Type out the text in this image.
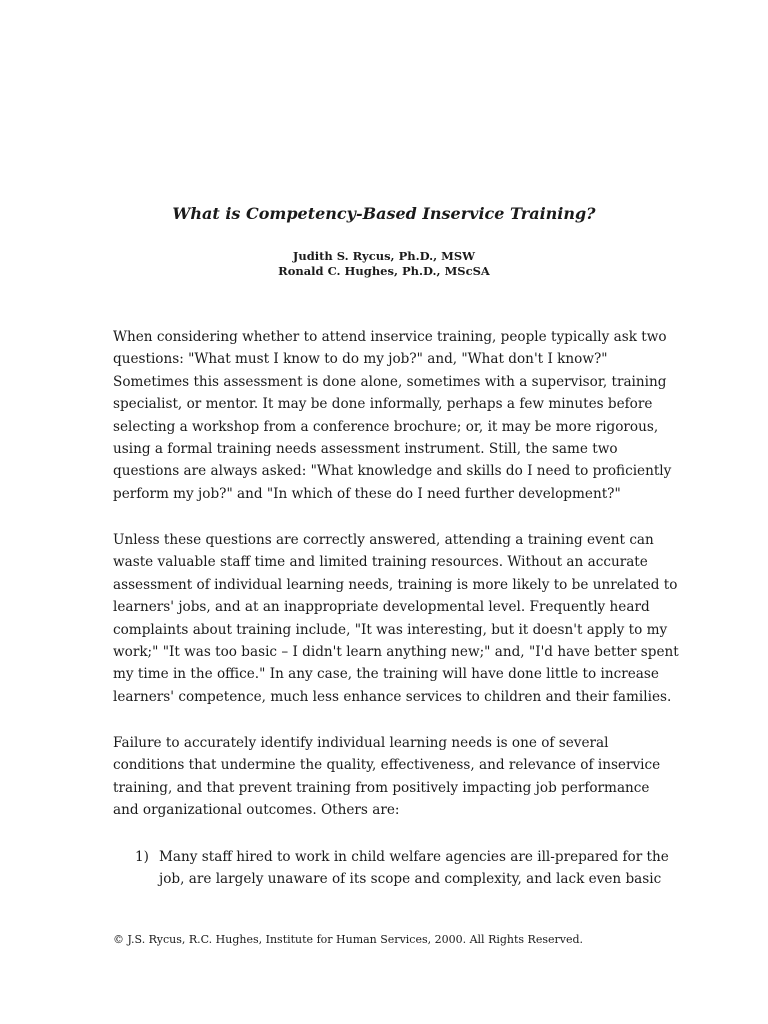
What is Competency-Based Inservice Training?
Judith S. Rycus, Ph.D., MSW
Ronald C. Hughes, Ph.D., MScSA

When considering whether to attend inservice training, people typically ask two
questions: "What must I know to do my job?" and, "What don't I know?"
Sometimes this assessment is done alone, sometimes with a supervisor, training
specialist, or mentor. It may be done informally, perhaps a few minutes before
selecting a workshop from a conference brochure; or, it may be more rigorous,
using a formal training needs assessment instrument. Still, the same two
questions are always asked: "What knowledge and skills do I need to proficiently
perform my job?" and "In which of these do I need further development?"

Unless these questions are correctly answered, attending a training event can
waste valuable staff time and limited training resources. Without an accurate
assessment of individual learning needs, training is more likely to be unrelated to
learners' jobs, and at an inappropriate developmental level. Frequently heard
complaints about training include, "It was interesting, but it doesn't apply to my
work;" "It was too basic – I didn't learn anything new;" and, "I'd have better spent
my time in the office." In any case, the training will have done little to increase
learners' competence, much less enhance services to children and their families.

Failure to accurately identify individual learning needs is one of several
conditions that undermine the quality, effectiveness, and relevance of inservice
training, and that prevent training from positively impacting job performance
and organizational outcomes. Others are:

1) Many staff hired to work in child welfare agencies are ill-prepared for the
job, are largely unaware of its scope and complexity, and lack even basic
© J.S. Rycus, R.C. Hughes, Institute for Human Services, 2000. All Rights Reserved.
